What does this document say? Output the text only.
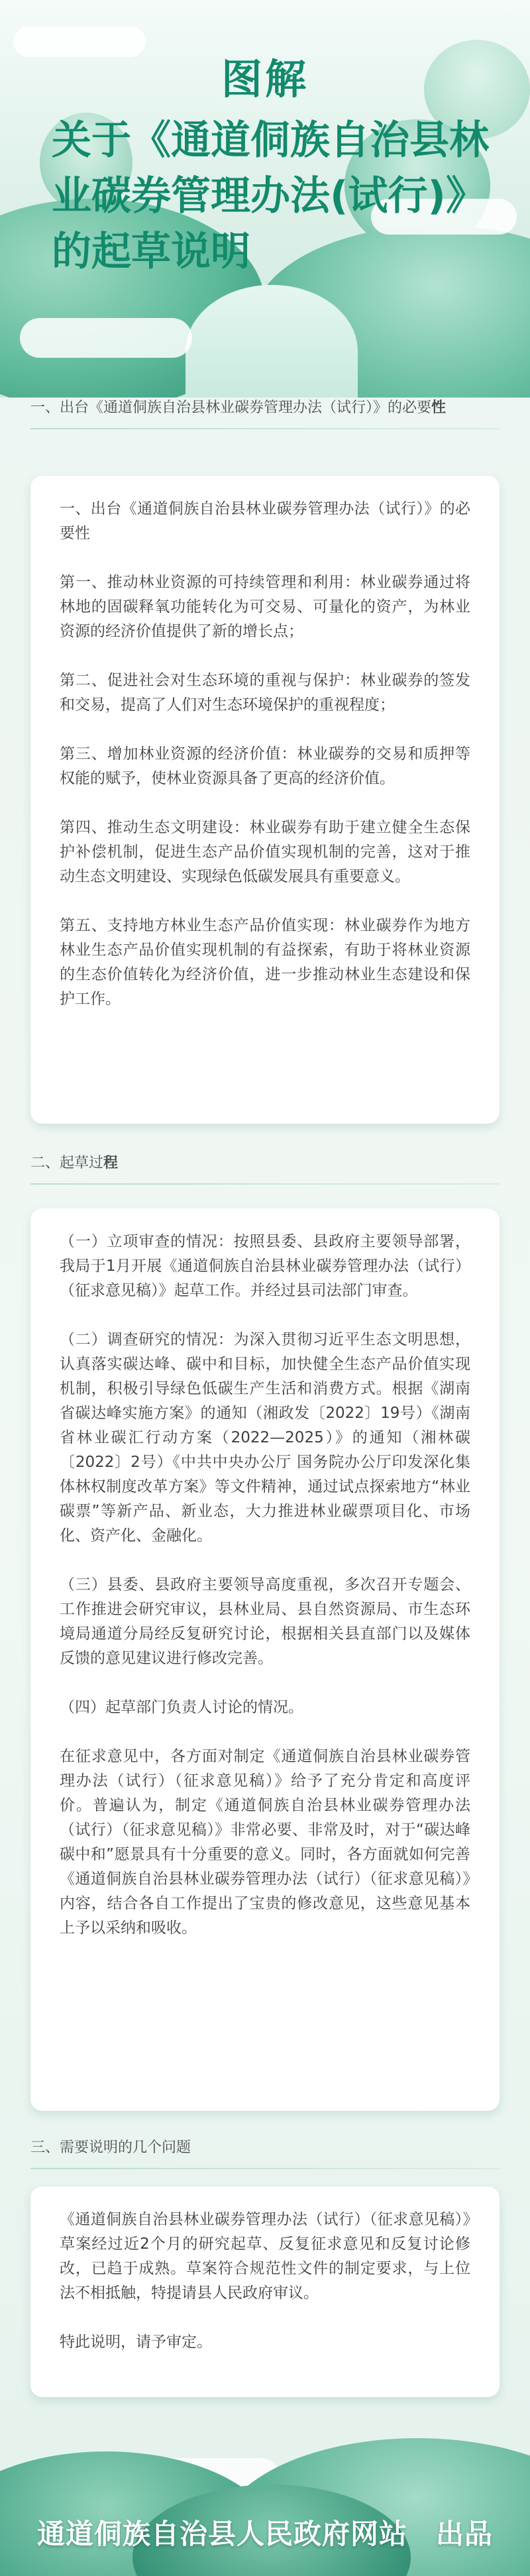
图解
关于《通道侗族自治县林业碳券管理办法(试行)》的起草说明
一、出台《通道侗族自治县林业碳券管理办法（试行）》的必要性

一、出台《通道侗族自治县林业碳券管理办法（试行）》的必要性

第一、推动林业资源的可持续管理和利用：林业碳券通过将林地的固碳释氧功能转化为可交易、可量化的资产，为林业资源的经济价值提供了新的增长点；

第二、促进社会对生态环境的重视与保护：林业碳券的签发和交易，提高了人们对生态环境保护的重视程度；

第三、增加林业资源的经济价值：林业碳券的交易和质押等权能的赋予，使林业资源具备了更高的经济价值。

第四、推动生态文明建设：林业碳券有助于建立健全生态保护补偿机制，促进生态产品价值实现机制的完善，这对于推动生态文明建设、实现绿色低碳发展具有重要意义。

第五、支持地方林业生态产品价值实现：林业碳券作为地方林业生态产品价值实现机制的有益探索，有助于将林业资源的生态价值转化为经济价值，进一步推动林业生态建设和保护工作。

二、起草过程

（一）立项审查的情况：按照县委、县政府主要领导部署，我局于1月开展《通道侗族自治县林业碳券管理办法（试行）（征求意见稿）》起草工作。并经过县司法部门审查。

（二）调查研究的情况：为深入贯彻习近平生态文明思想，认真落实碳达峰、碳中和目标，加快健全生态产品价值实现机制，积极引导绿色低碳生产生活和消费方式。根据《湖南省碳达峰实施方案》的通知（湘政发〔2022〕19号）《湖南省林业碳汇行动方案（2022—2025）》的通知（湘林碳〔2022〕2号）《中共中央办公厅 国务院办公厅印发深化集体林权制度改革方案》等文件精神，通过试点探索地方“林业碳票”等新产品、新业态，大力推进林业碳票项目化、市场化、资产化、金融化。

（三）县委、县政府主要领导高度重视，多次召开专题会、工作推进会研究审议，县林业局、县自然资源局、市生态环境局通道分局经反复研究讨论，根据相关县直部门以及媒体反馈的意见建议进行修改完善。

（四）起草部门负责人讨论的情况。

在征求意见中，各方面对制定《通道侗族自治县林业碳券管理办法（试行）（征求意见稿）》给予了充分肯定和高度评价。普遍认为，制定《通道侗族自治县林业碳券管理办法（试行）（征求意见稿）》非常必要、非常及时，对于“碳达峰碳中和”愿景具有十分重要的意义。同时，各方面就如何完善《通道侗族自治县林业碳券管理办法（试行）（征求意见稿）》内容，结合各自工作提出了宝贵的修改意见，这些意见基本上予以采纳和吸收。

三、需要说明的几个问题

《通道侗族自治县林业碳券管理办法（试行）（征求意见稿）》草案经过近2个月的研究起草、反复征求意见和反复讨论修改，已趋于成熟。草案符合规范性文件的制定要求，与上位法不相抵触，特提请县人民政府审议。

特此说明，请予审定。

通道侗族自治县人民政府网站　出品
